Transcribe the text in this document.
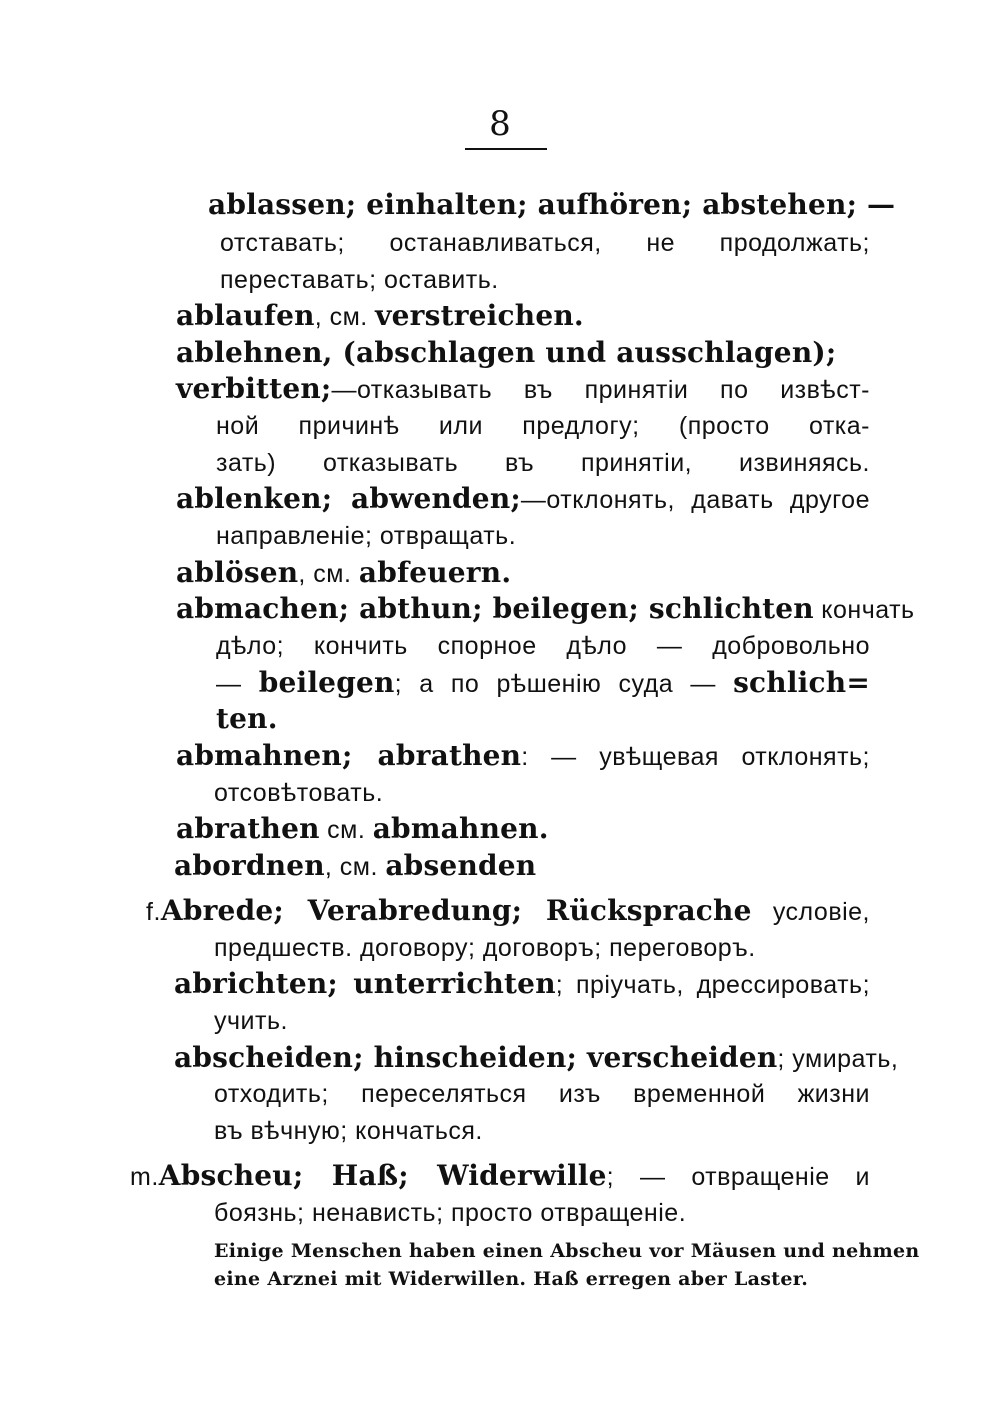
8
ablassen; einhalten; aufhören; abstehen; —
отставать; останавливаться, не продолжать;
переставать; оставить.
ablaufen, см. verstreichen.
ablehnen, (abschlagen und ausschlagen);
verbitten;—отказывать въ принятіи по извѣст-
ной причинѣ или предлогу; (просто отка-
зать) отказывать въ принятіи, извиняясь.
ablenken; abwenden;—отклонять, давать другое
направленіе; отвращать.
ablösen, см. abfeuern.
abmachen; abthun; beilegen; schlichten кончать
дѣло; кончить спорное дѣло — добровольно
— beilegen; а по рѣшенію суда — schlich=
ten.
abmahnen; abrathen: — увѣщевая отклонять;
отсовѣтовать.
abrathen см. abmahnen.
abordnen, см. absenden
f.Abrede; Verabredung; Rücksprache условіе,
предшеств. договору; договоръ; переговоръ.
abrichten; unterrichten; пріучать, дрессировать;
учить.
abscheiden; hinscheiden; verscheiden; умирать,
отходить; переселяться изъ временной жизни
въ вѣчную; кончаться.
m.Abscheu; Haß; Widerwille; — отвращеніе и
боязнь; ненависть; просто отвращеніе.
Einige Menschen haben einen Abscheu vor Mäusen und nehmen
eine Arznei mit Widerwillen. Haß erregen aber Laster.
